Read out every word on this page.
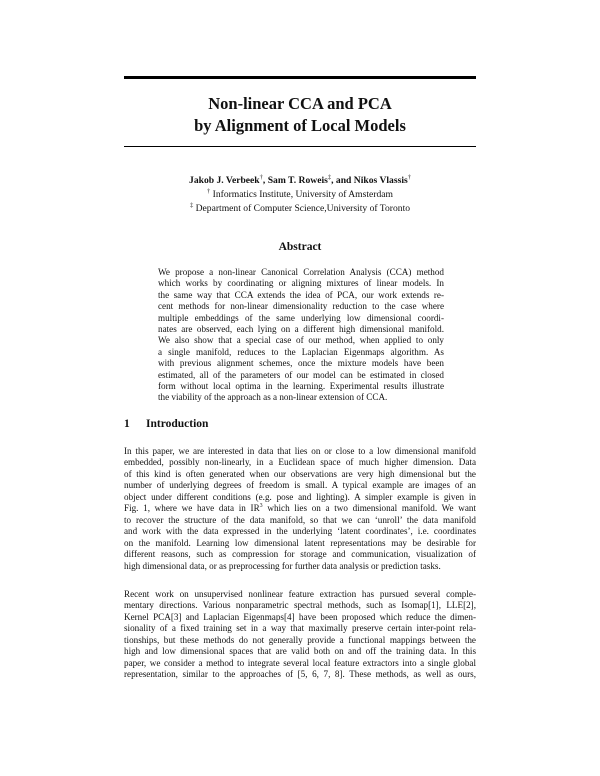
Non-linear CCA and PCA
by Alignment of Local Models
Jakob J. Verbeek†, Sam T. Roweis‡, and Nikos Vlassis†
† Informatics Institute, University of Amsterdam
‡ Department of Computer Science,University of Toronto
Abstract
We propose a non-linear Canonical Correlation Analysis (CCA) method
which works by coordinating or aligning mixtures of linear models. In
the same way that CCA extends the idea of PCA, our work extends re-
cent methods for non-linear dimensionality reduction to the case where
multiple embeddings of the same underlying low dimensional coordi-
nates are observed, each lying on a different high dimensional manifold.
We also show that a special case of our method, when applied to only
a single manifold, reduces to the Laplacian Eigenmaps algorithm. As
with previous alignment schemes, once the mixture models have been
estimated, all of the parameters of our model can be estimated in closed
form without local optima in the learning. Experimental results illustrate
the viability of the approach as a non-linear extension of CCA.
1 Introduction
In this paper, we are interested in data that lies on or close to a low dimensional manifold
embedded, possibly non-linearly, in a Euclidean space of much higher dimension. Data
of this kind is often generated when our observations are very high dimensional but the
number of underlying degrees of freedom is small. A typical example are images of an
object under different conditions (e.g. pose and lighting). A simpler example is given in
Fig. 1, where we have data in $IR^3$ which lies on a two dimensional manifold. We want
to recover the structure of the data manifold, so that we can ‘unroll’ the data manifold
and work with the data expressed in the underlying ‘latent coordinates’, i.e. coordinates
on the manifold. Learning low dimensional latent representations may be desirable for
different reasons, such as compression for storage and communication, visualization of
high dimensional data, or as preprocessing for further data analysis or prediction tasks.
Recent work on unsupervised nonlinear feature extraction has pursued several comple-
mentary directions. Various nonparametric spectral methods, such as Isomap[1], LLE[2],
Kernel PCA[3] and Laplacian Eigenmaps[4] have been proposed which reduce the dimen-
sionality of a fixed training set in a way that maximally preserve certain inter-point rela-
tionships, but these methods do not generally provide a functional mappings between the
high and low dimensional spaces that are valid both on and off the training data. In this
paper, we consider a method to integrate several local feature extractors into a single global
representation, similar to the approaches of [5, 6, 7, 8]. These methods, as well as ours,
